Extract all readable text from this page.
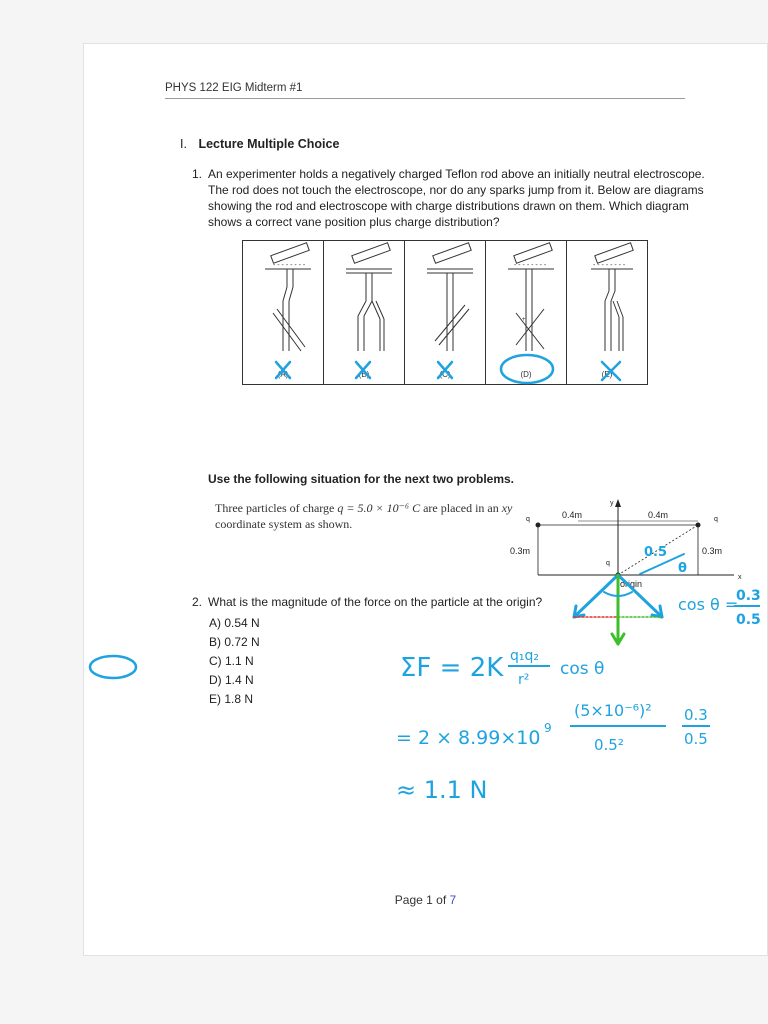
PHYS 122 EIG Midterm #1
I. Lecture Multiple Choice
1. An experimenter holds a negatively charged Teflon rod above an initially neutral electroscope. The rod does not touch the electroscope, nor do any sparks jump from it. Below are diagrams showing the rod and electroscope with charge distributions drawn on them. Which diagram shows a correct vane position plus charge distribution?
- - - - - - - -
(A)	(B)	(C)
- - - - - - - -
+
(D)
- - - - - - - -
(E)
Use the following situation for the next two problems.
Three particles of charge q = 5.0 × 10⁻⁶ C are placed in an xy coordinate system as shown.
y
x
q	q
q
0.4m	0.4m
0.3m	0.3m
origin
2. What is the magnitude of the force on the particle at the origin?
A) 0.54 N
B) 0.72 N
C) 1.1 N
D) 1.4 N
E) 1.8 N
0.5
θ
cos θ =
0.3
0.5
ΣF = 2K q₁q₂
r²
cos θ
= 2 × 8.99×10 9
(5×10⁻⁶)²
0.5²
0.3
0.5
≈ 1.1 N
Page 1 of 7
